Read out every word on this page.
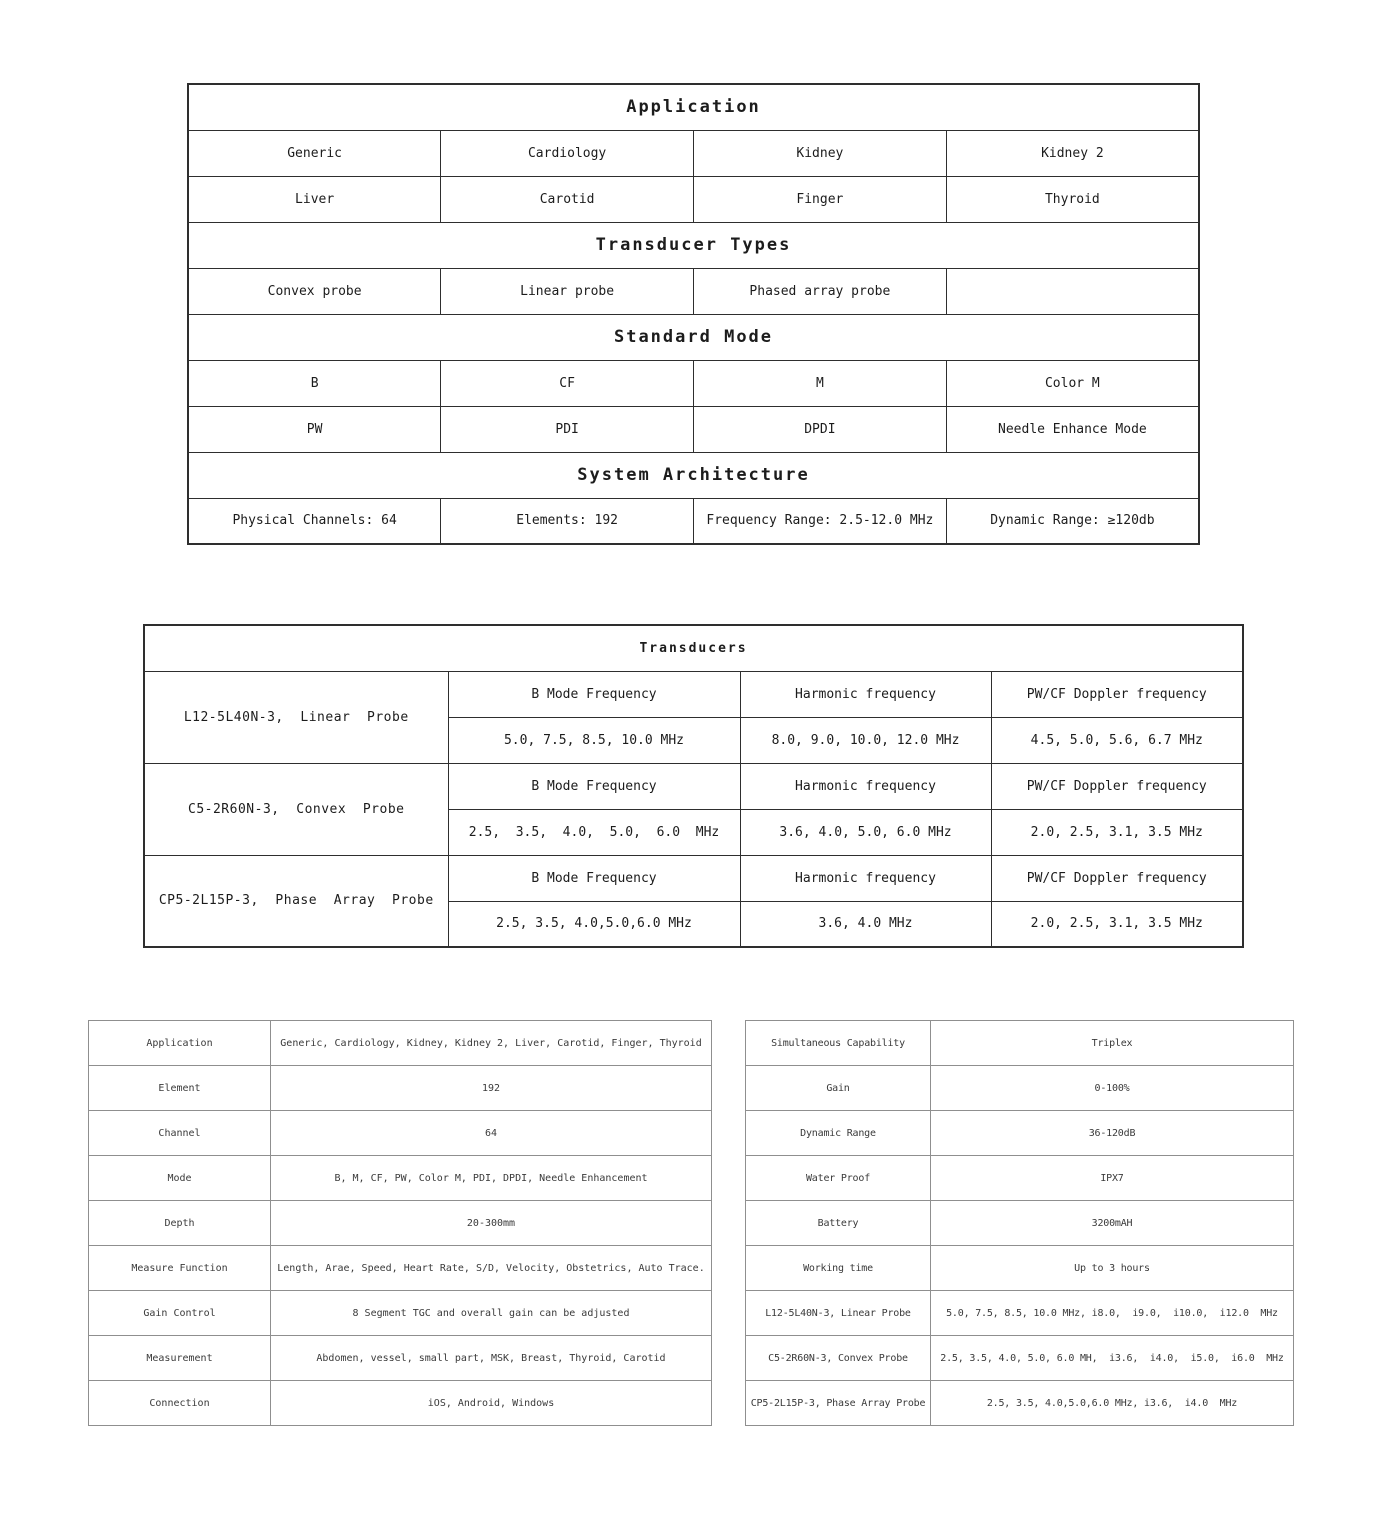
Application			
Generic	Cardiology	Kidney	Kidney 2
Liver	Carotid	Finger	Thyroid
Transducer Types			
Convex probe	Linear probe	Phased array probe	
Standard Mode			
B	CF	M	Color M
PW	PDI	DPDI	Needle Enhance Mode
System Architecture			
Physical Channels: 64	Elements: 192	Frequency Range: 2.5-12.0 MHz	Dynamic Range: ≥120db
Transducers			
L12-5L40N-3,  Linear  Probe	B Mode Frequency	Harmonic frequency	PW/CF Doppler frequency
	5.0, 7.5, 8.5, 10.0 MHz	8.0, 9.0, 10.0, 12.0 MHz	4.5, 5.0, 5.6, 6.7 MHz
C5-2R60N-3,  Convex  Probe	B Mode Frequency	Harmonic frequency	PW/CF Doppler frequency
	2.5,  3.5,  4.0,  5.0,  6.0  MHz	3.6, 4.0, 5.0, 6.0 MHz	2.0, 2.5, 3.1, 3.5 MHz
CP5-2L15P-3,  Phase  Array  Probe	B Mode Frequency	Harmonic frequency	PW/CF Doppler frequency
	2.5, 3.5, 4.0,5.0,6.0 MHz	3.6, 4.0 MHz	2.0, 2.5, 3.1, 3.5 MHz
Application	Generic, Cardiology, Kidney, Kidney 2, Liver, Carotid, Finger, Thyroid
Element	192
Channel	64
Mode	B, M, CF, PW, Color M, PDI, DPDI, Needle Enhancement
Depth	20-300mm
Measure Function	Length, Arae, Speed, Heart Rate, S/D, Velocity, Obstetrics, Auto Trace.
Gain Control	8 Segment TGC and overall gain can be adjusted
Measurement	Abdomen, vessel, small part, MSK, Breast, Thyroid, Carotid
Connection	iOS, Android, Windows
Simultaneous Capability	Triplex
Gain	0-100%
Dynamic Range	36-120dB
Water Proof	IPX7
Battery	3200mAH
Working time	Up to 3 hours
L12-5L40N-3, Linear Probe	5.0, 7.5, 8.5, 10.0 MHz, i8.0,  i9.0,  i10.0,  i12.0  MHz
C5-2R60N-3, Convex Probe	2.5, 3.5, 4.0, 5.0, 6.0 MH,  i3.6,  i4.0,  i5.0,  i6.0  MHz
CP5-2L15P-3, Phase Array Probe	2.5, 3.5, 4.0,5.0,6.0 MHz, i3.6,  i4.0  MHz
